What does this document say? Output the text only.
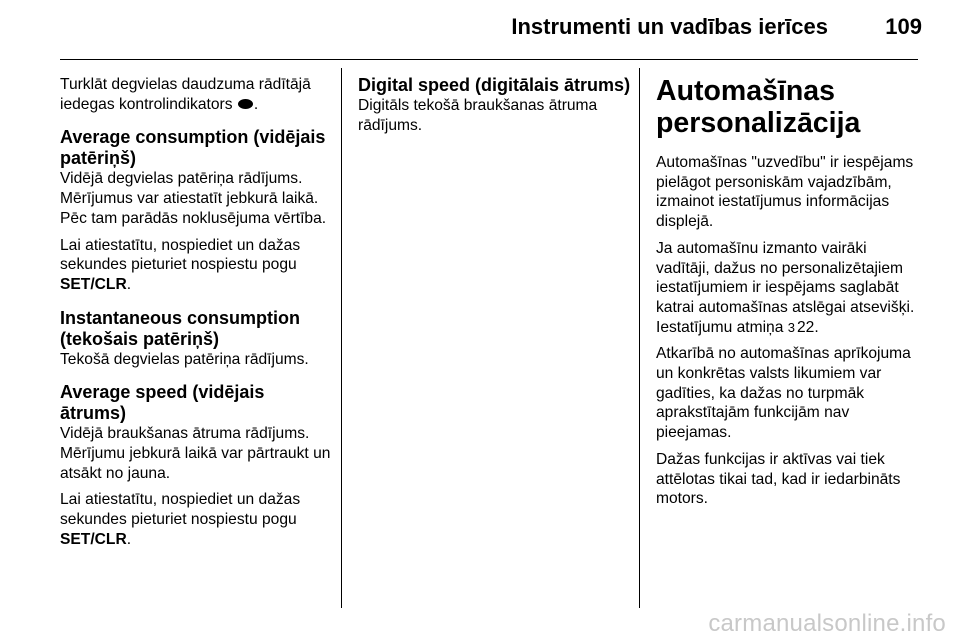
Instrumenti un vadības ierīces	109

Turklāt degvielas daudzuma rādītājā iedegas kontrolindikators .

Average consumption (vidējais patēriņš)

Vidējā degvielas patēriņa rādījums. Mērījumus var atiestatīt jebkurā laikā. Pēc tam parādās noklusējuma vērtība.

Lai atiestatītu, nospiediet un dažas sekundes pieturiet nospiestu pogu SET/CLR.

Instantaneous consumption (tekošais patēriņš)

Tekošā degvielas patēriņa rādījums.

Average speed (vidējais ātrums)

Vidējā braukšanas ātruma rādījums. Mērījumu jebkurā laikā var pārtraukt un atsākt no jauna.

Lai atiestatītu, nospiediet un dažas sekundes pieturiet nospiestu pogu SET/CLR.

Digital speed (digitālais ātrums)

Digitāls tekošā braukšanas ātruma rādījums.

Automašīnas personalizācija

Automašīnas "uzvedību" ir iespējams pielāgot personiskām vajadzībām, izmainot iestatījumus informācijas displejā.

Ja automašīnu izmanto vairāki vadītāji, dažus no personalizētajiem iestatījumiem ir iespējams saglabāt katrai automašīnas atslēgai atsevišķi. Iestatījumu atmiņa 3 22.

Atkarībā no automašīnas aprīkojuma un konkrētas valsts likumiem var gadīties, ka dažas no turpmāk aprakstītajām funkcijām nav pieejamas.

Dažas funkcijas ir aktīvas vai tiek attēlotas tikai tad, kad ir iedarbināts motors.

carmanualsonline.info
